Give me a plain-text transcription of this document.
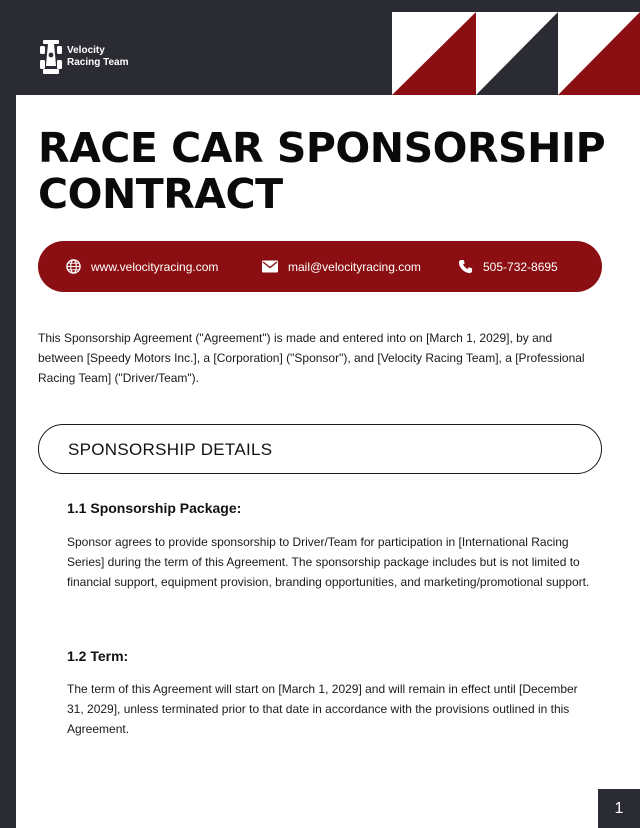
Velocity
Racing Team
RACE CAR SPONSORSHIP CONTRACT
www.velocityracing.com	mail@velocityracing.com	505-732-8695

This Sponsorship Agreement ("Agreement") is made and entered into on [March 1, 2029], by and between [Speedy Motors Inc.], a [Corporation] ("Sponsor"), and [Velocity Racing Team], a [Professional Racing Team] ("Driver/Team").

SPONSORSHIP DETAILS
1.1 Sponsorship Package:

Sponsor agrees to provide sponsorship to Driver/Team for participation in [International Racing Series] during the term of this Agreement. The sponsorship package includes but is not limited to financial support, equipment provision, branding opportunities, and marketing/promotional support.

1.2 Term:

The term of this Agreement will start on [March 1, 2029] and will remain in effect until [December 31, 2029], unless terminated prior to that date in accordance with the provisions outlined in this Agreement.

1
